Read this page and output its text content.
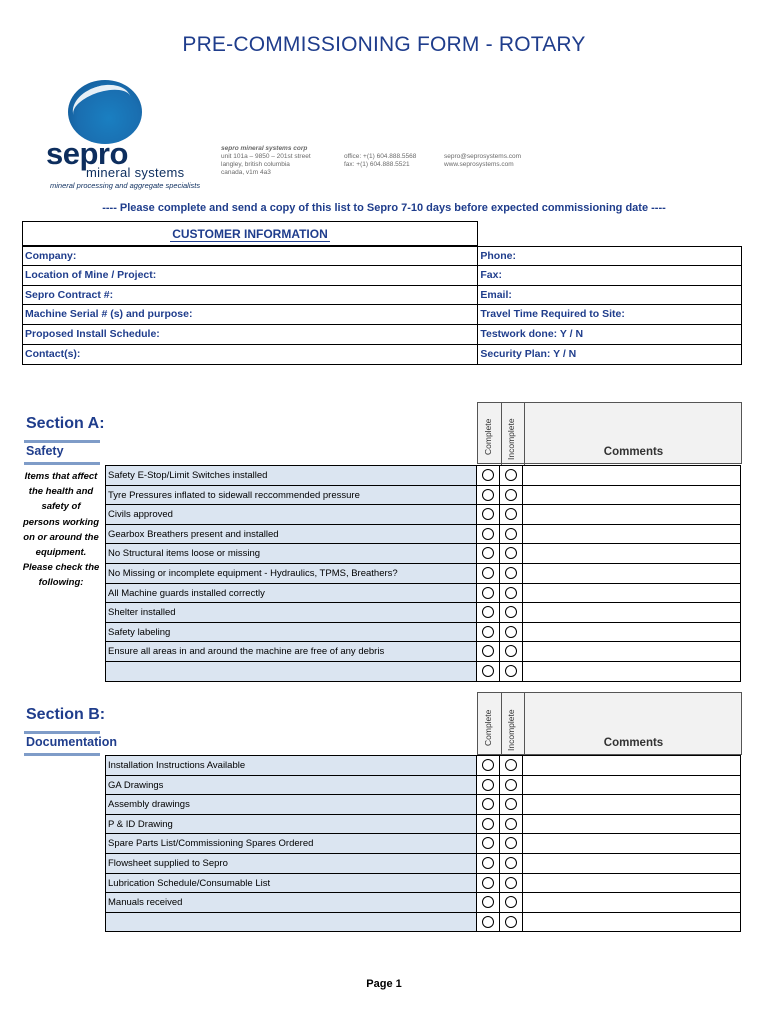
PRE-COMMISSIONING FORM - ROTARY
sepro
mineral systems
mineral processing and aggregate specialists
sepro mineral systems corp
unit 101a – 9850 – 201st street
langley, british columbia
canada, v1m 4a3
office: +(1) 604.888.5568
fax: +(1) 604.888.5521
sepro@seprosystems.com
www.seprosystems.com
---- Please complete and send a copy of this list to Sepro 7-10 days before expected commissioning date ----
CUSTOMER INFORMATION
Company:	Phone:
Location of Mine / Project:	Fax:
Sepro Contract #:	Email:
Machine Serial # (s) and purpose:	Travel Time Required to Site:
Proposed Install Schedule:	Testwork done: Y / N
Contact(s):	Security Plan: Y / N
Section A:
Safety	Complete Incomplete	Comments
Items that affect the health and safety of persons working on or around the equipment. Please check the following:
Safety E-Stop/Limit Switches installed
Tyre Pressures inflated to sidewall reccommended pressure
Civils approved
Gearbox Breathers present and installed
No Structural items loose or missing
No Missing or incomplete equipment - Hydraulics, TPMS, Breathers?
All Machine guards installed correctly
Shelter installed
Safety labeling
Ensure all areas in and around the machine are free of any debris
Section B:
Documentation	Complete Incomplete	Comments
Installation Instructions Available
GA Drawings
Assembly drawings
P & ID Drawing
Spare Parts List/Commissioning Spares Ordered
Flowsheet supplied to Sepro
Lubrication Schedule/Consumable List
Manuals received
Page 1
